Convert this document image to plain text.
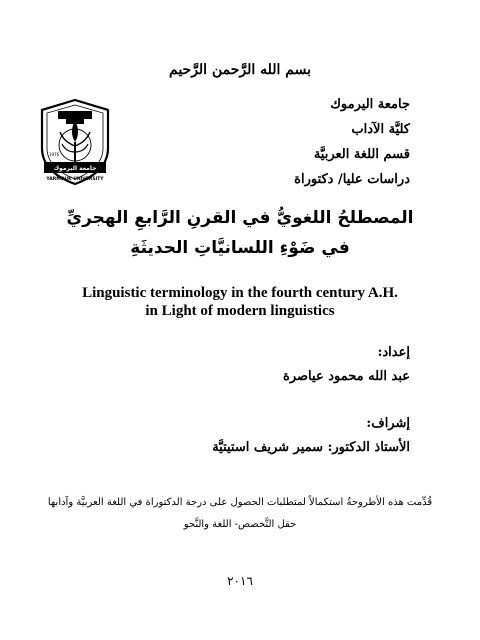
بسم الله الرَّحمن الرَّحيم
جامعة اليرموك
كليَّة الآداب
قسم اللغة العربيَّة
دراسات عليا/ دكتوراة
1976
جامعة اليرموك
YARMOUK UNIVERSITY
المصطلحُ اللغويُّ في القرنِ الرَّابعِ الهجريِّ
في ضَوْءِ اللسانيَّاتِ الحديثَةِ
Linguistic terminology in the fourth century A.H.
in Light of modern linguistics
إعداد:
عبد الله محمود عياصرة
إشراف:
الأستاذ الدكتور: سمير شريف استيتيَّة
قُدِّمت هذه الأطروحةُ استكمالاً لمتطلبات الحصول على درجة الدكتوراة في اللغة العربيَّة وآدابها
حقل التَّخصص- اللغة والنَّحو
٢٠١٦
